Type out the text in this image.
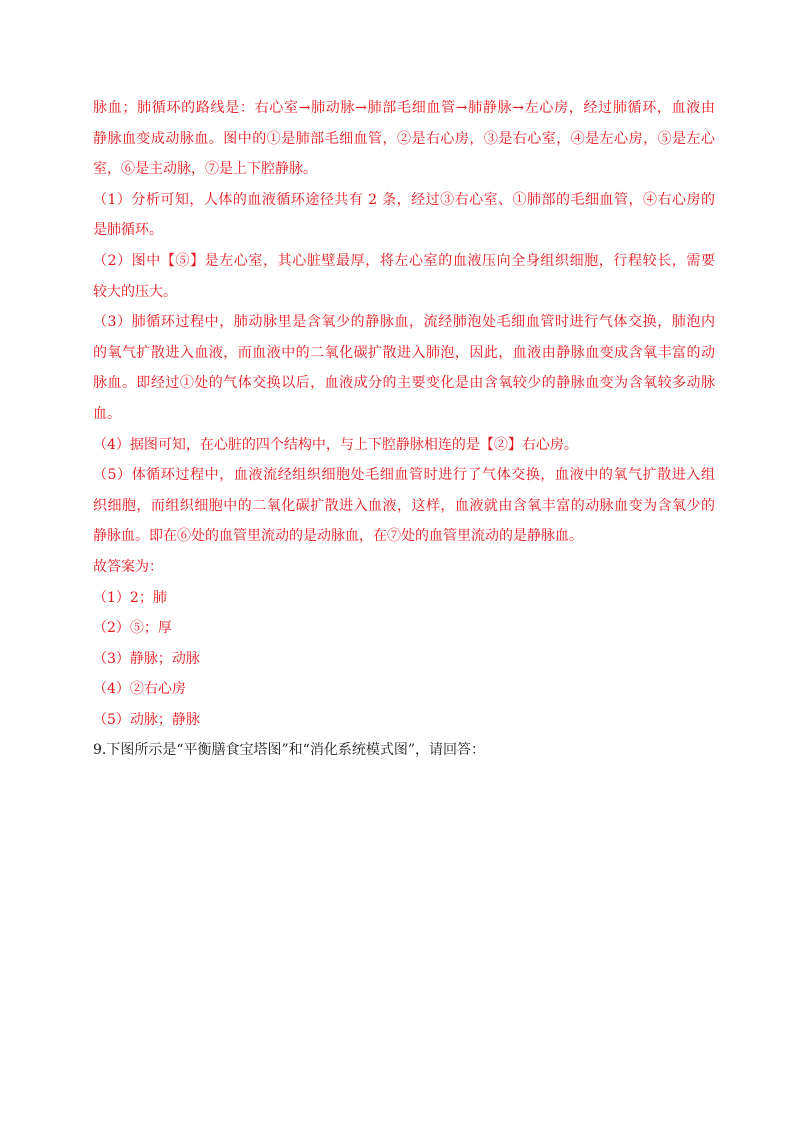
脉血；肺循环的路线是：右心室→肺动脉→肺部毛细血管→肺静脉→左心房，经过肺循环，血液由
静脉血变成动脉血。图中的①是肺部毛细血管，②是右心房，③是右心室，④是左心房，⑤是左心
室，⑥是主动脉，⑦是上下腔静脉。
（1）分析可知，人体的血液循环途径共有 2 条，经过③右心室、①肺部的毛细血管，④右心房的
是肺循环。
（2）图中【⑤】是左心室，其心脏壁最厚，将左心室的血液压向全身组织细胞，行程较长，需要
较大的压大。
（3）肺循环过程中，肺动脉里是含氧少的静脉血，流经肺泡处毛细血管时进行气体交换，肺泡内
的氧气扩散进入血液，而血液中的二氧化碳扩散进入肺泡，因此，血液由静脉血变成含氧丰富的动
脉血。即经过①处的气体交换以后，血液成分的主要变化是由含氧较少的静脉血变为含氧较多动脉
血。
（4）据图可知，在心脏的四个结构中，与上下腔静脉相连的是【②】右心房。
（5）体循环过程中，血液流经组织细胞处毛细血管时进行了气体交换，血液中的氧气扩散进入组
织细胞，而组织细胞中的二氧化碳扩散进入血液，这样，血液就由含氧丰富的动脉血变为含氧少的
静脉血。即在⑥处的血管里流动的是动脉血，在⑦处的血管里流动的是静脉血。
故答案为：
（1）2；肺
（2）⑤；厚
（3）静脉；动脉
（4）②右心房
（5）动脉；静脉
9.下图所示是“平衡膳食宝塔图”和“消化系统模式图”，请回答：
